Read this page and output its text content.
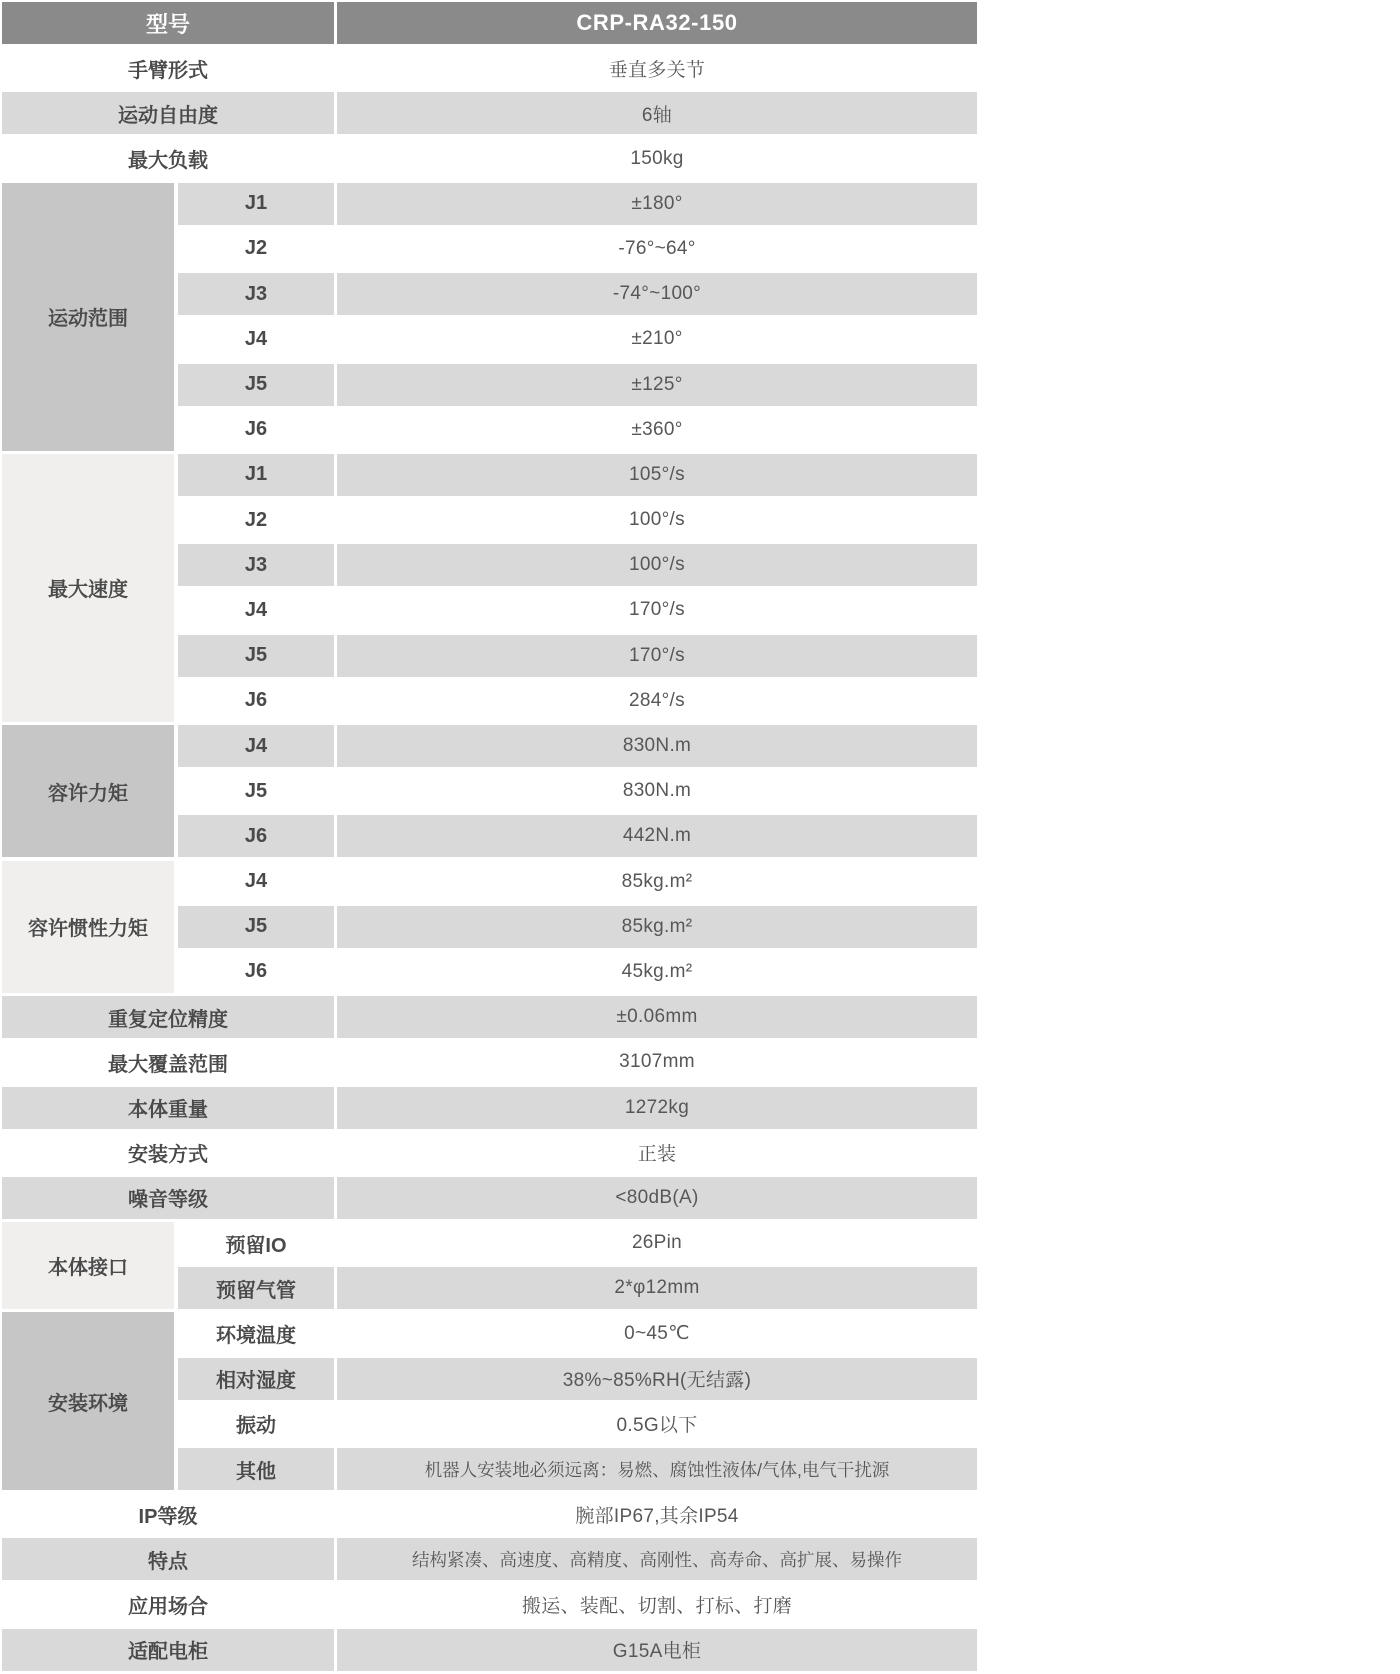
型号	CRP-RA32-150
手臂形式	垂直多关节
运动自由度	6轴
最大负载	150kg
运动范围
J1	±180°
J2	-76°~64°
J3	-74°~100°
J4	±210°
J5	±125°
J6	±360°
最大速度
J1	105°/s
J2	100°/s
J3	100°/s
J4	170°/s
J5	170°/s
J6	284°/s
容许力矩
J4	830N.m
J5	830N.m
J6	442N.m
容许惯性力矩
J4	85kg.m²
J5	85kg.m²
J6	45kg.m²
重复定位精度	±0.06mm
最大覆盖范围	3107mm
本体重量	1272kg
安装方式	正装
噪音等级	<80dB(A)
本体接口
预留IO	26Pin
预留气管	2*φ12mm
安装环境
环境温度	0~45℃
相对湿度	38%~85%RH(无结露)
振动	0.5G以下
其他	机器人安装地必须远离：易燃、腐蚀性液体/气体,电气干扰源
IP等级	腕部IP67,其余IP54
特点	结构紧凑、高速度、高精度、高刚性、高寿命、高扩展、易操作
应用场合	搬运、装配、切割、打标、打磨
适配电柜	G15A电柜
